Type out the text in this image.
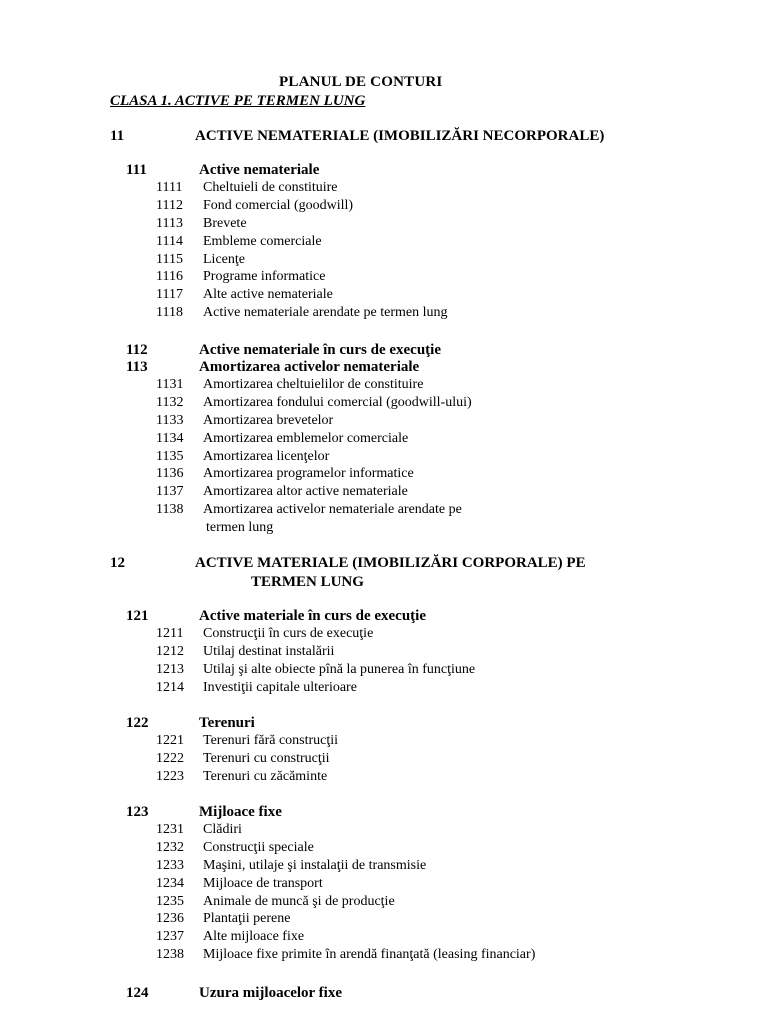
PLANUL DE CONTURI
CLASA 1. ACTIVE PE TERMEN LUNG
11	ACTIVE NEMATERIALE (IMOBILIZĂRI NECORPORALE)
111	Active nemateriale
1111 Cheltuieli de constituire
1112 Fond comercial (goodwill)
1113 Brevete
1114 Embleme comerciale
1115 Licenţe
1116 Programe informatice
1117 Alte active nemateriale
1118 Active nemateriale arendate pe termen lung
112	Active nemateriale în curs de execuţie
113	Amortizarea activelor nemateriale
1131 Amortizarea cheltuielilor de constituire
1132 Amortizarea fondului comercial (goodwill-ului)
1133 Amortizarea brevetelor
1134 Amortizarea emblemelor comerciale
1135 Amortizarea licenţelor
1136 Amortizarea programelor informatice
1137 Amortizarea altor active nemateriale
1138 Amortizarea activelor nemateriale arendate pe
termen lung
12	ACTIVE MATERIALE (IMOBILIZĂRI CORPORALE) PE
TERMEN LUNG
121	Active materiale în curs de execuţie
1211 Construcţii în curs de execuţie
1212 Utilaj destinat instalării
1213 Utilaj şi alte obiecte pînă la punerea în funcţiune
1214 Investiţii capitale ulterioare
122	Terenuri
1221 Terenuri fără construcţii
1222 Terenuri cu construcţii
1223 Terenuri cu zăcăminte
123	Mijloace fixe
1231 Clădiri
1232 Construcţii speciale
1233 Maşini, utilaje şi instalaţii de transmisie
1234 Mijloace de transport
1235 Animale de muncă şi de producţie
1236 Plantaţii perene
1237 Alte mijloace fixe
1238 Mijloace fixe primite în arendă finanţată (leasing financiar)
124	Uzura mijloacelor fixe
